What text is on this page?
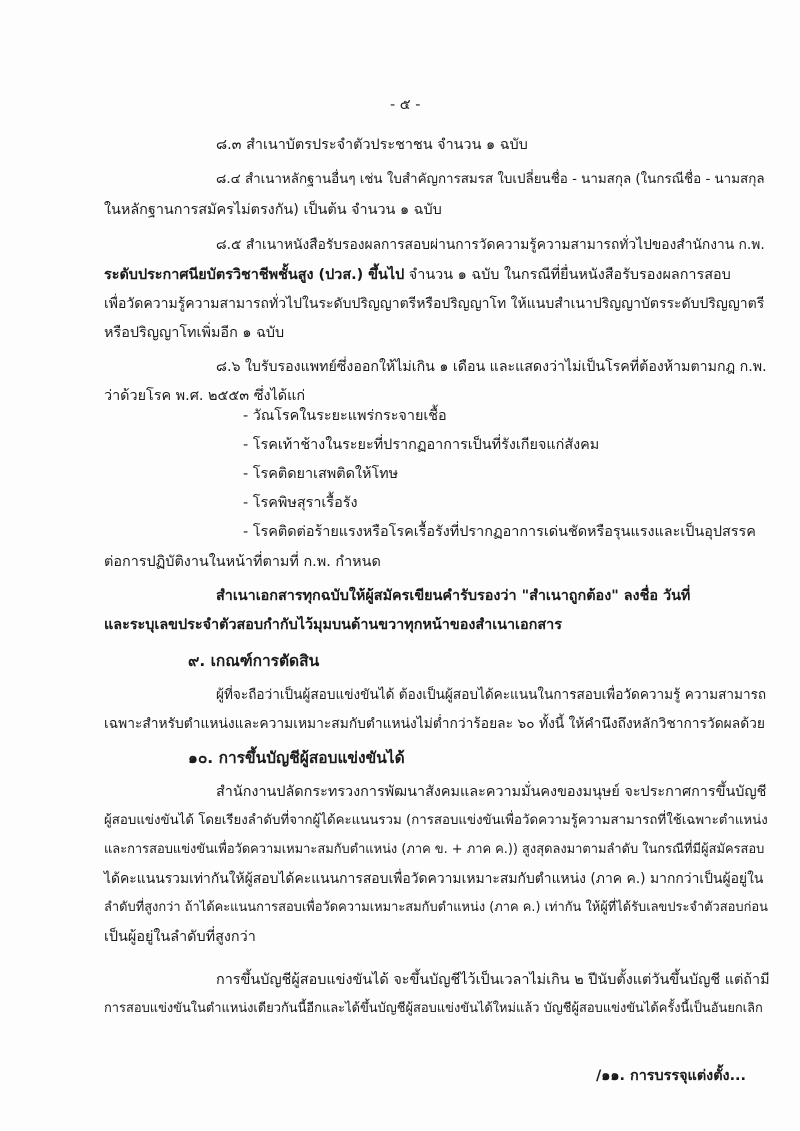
- ๕ -
๘.๓ สำเนาบัตรประจำตัวประชาชน จำนวน ๑ ฉบับ
๘.๔ สำเนาหลักฐานอื่นๆ เช่น ใบสำคัญการสมรส ใบเปลี่ยนชื่อ - นามสกุล (ในกรณีชื่อ - นามสกุล
ในหลักฐานการสมัครไม่ตรงกัน) เป็นต้น จำนวน ๑ ฉบับ
๘.๕ สำเนาหนังสือรับรองผลการสอบผ่านการวัดความรู้ความสามารถทั่วไปของสำนักงาน ก.พ.
ระดับประกาศนียบัตรวิชาชีพชั้นสูง (ปวส.) ขึ้นไป จำนวน ๑ ฉบับ ในกรณีที่ยื่นหนังสือรับรองผลการสอบ
เพื่อวัดความรู้ความสามารถทั่วไปในระดับปริญญาตรีหรือปริญญาโท ให้แนบสำเนาปริญญาบัตรระดับปริญญาตรี
หรือปริญญาโทเพิ่มอีก ๑ ฉบับ
๘.๖ ใบรับรองแพทย์ซึ่งออกให้ไม่เกิน ๑ เดือน และแสดงว่าไม่เป็นโรคที่ต้องห้ามตามกฎ ก.พ.
ว่าด้วยโรค พ.ศ. ๒๕๕๓ ซึ่งได้แก่
- วัณโรคในระยะแพร่กระจายเชื้อ
- โรคเท้าช้างในระยะที่ปรากฏอาการเป็นที่รังเกียจแก่สังคม
- โรคติดยาเสพติดให้โทษ
- โรคพิษสุราเรื้อรัง
- โรคติดต่อร้ายแรงหรือโรคเรื้อรังที่ปรากฏอาการเด่นชัดหรือรุนแรงและเป็นอุปสรรค
ต่อการปฏิบัติงานในหน้าที่ตามที่ ก.พ. กำหนด
สำเนาเอกสารทุกฉบับให้ผู้สมัครเขียนคำรับรองว่า "สำเนาถูกต้อง" ลงชื่อ วันที่
และระบุเลขประจำตัวสอบกำกับไว้มุมบนด้านขวาทุกหน้าของสำเนาเอกสาร
๙. เกณฑ์การตัดสิน
ผู้ที่จะถือว่าเป็นผู้สอบแข่งขันได้ ต้องเป็นผู้สอบได้คะแนนในการสอบเพื่อวัดความรู้ ความสามารถ
เฉพาะสำหรับตำแหน่งและความเหมาะสมกับตำแหน่งไม่ต่ำกว่าร้อยละ ๖๐ ทั้งนี้ ให้คำนึงถึงหลักวิชาการวัดผลด้วย
๑๐. การขึ้นบัญชีผู้สอบแข่งขันได้
สำนักงานปลัดกระทรวงการพัฒนาสังคมและความมั่นคงของมนุษย์ จะประกาศการขึ้นบัญชี
ผู้สอบแข่งขันได้ โดยเรียงลำดับที่จากผู้ได้คะแนนรวม (การสอบแข่งขันเพื่อวัดความรู้ความสามารถที่ใช้เฉพาะตำแหน่ง
และการสอบแข่งขันเพื่อวัดความเหมาะสมกับตำแหน่ง (ภาค ข. + ภาค ค.)) สูงสุดลงมาตามลำดับ ในกรณีที่มีผู้สมัครสอบ
ได้คะแนนรวมเท่ากันให้ผู้สอบได้คะแนนการสอบเพื่อวัดความเหมาะสมกับตำแหน่ง (ภาค ค.) มากกว่าเป็นผู้อยู่ใน
ลำดับที่สูงกว่า ถ้าได้คะแนนการสอบเพื่อวัดความเหมาะสมกับตำแหน่ง (ภาค ค.) เท่ากัน ให้ผู้ที่ได้รับเลขประจำตัวสอบก่อน
เป็นผู้อยู่ในลำดับที่สูงกว่า
การขึ้นบัญชีผู้สอบแข่งขันได้ จะขึ้นบัญชีไว้เป็นเวลาไม่เกิน ๒ ปีนับตั้งแต่วันขึ้นบัญชี แต่ถ้ามี
การสอบแข่งขันในตำแหน่งเดียวกันนี้อีกและได้ขึ้นบัญชีผู้สอบแข่งขันได้ใหม่แล้ว บัญชีผู้สอบแข่งขันได้ครั้งนี้เป็นอันยกเลิก
/๑๑. การบรรจุแต่งตั้ง...
